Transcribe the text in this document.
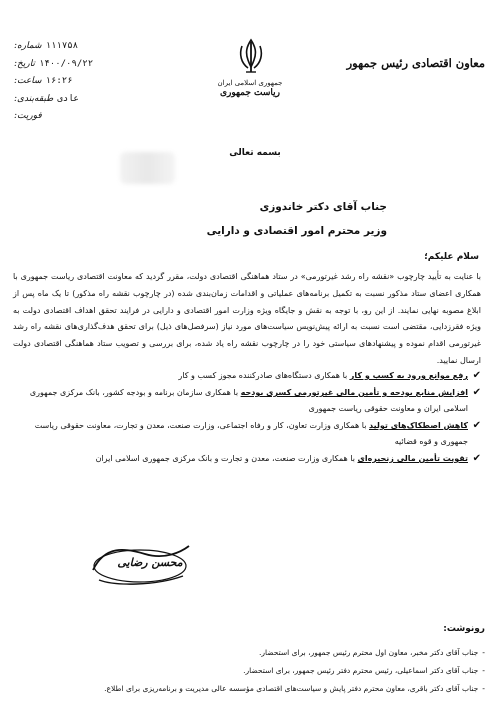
معاون اقتصادی رئیس جمهور
جمهوری اسلامی ایران
ریاست جمهوری
شماره: ۱۱۱۷۵۸
تاریخ: ۱۴۰۰/۰۹/۲۲
ساعت: ۱۶:۲۶
طبقه‌بندی: عادی
فوریت:
بسمه تعالی
جناب آقای دکتر خاندوزی
وزیر محترم امور اقتصادی و دارایی
سلام علیکم؛
با عنایت به تأیید چارچوب «نقشه راه رشد غیرتورمی» در ستاد هماهنگی اقتصادی دولت، مقرر گردید که معاونت اقتصادی ریاست جمهوری با همکاری اعضای ستاد مذکور نسبت به تکمیل برنامه‌های عملیاتی و اقدامات زمان‌بندی شده (در چارچوب نقشه راه مذکور) تا یک ماه پس از ابلاغ مصوبه نهایی نمایند. از این رو، با توجه به نقش و جایگاه ویژه وزارت امور اقتصادی و دارایی در فرایند تحقق اهداف اقتصادی دولت به ویژه فقرزدایی، مقتضی است نسبت به ارائه پیش‌نویس سیاست‌های مورد نیاز (سرفصل‌های ذیل) برای تحقق هدف‌گذاری‌های نقشه راه رشد غیرتورمی اقدام نموده و پیشنهادهای سیاستی خود را در چارچوب نقشه راه یاد شده، برای بررسی و تصویب ستاد هماهنگی اقتصادی دولت ارسال نمایید.
✔
رفع موانع ورود به کسب و کار با همکاری دستگاه‌های صادرکننده مجوز کسب و کار
✔
افزایش منابع بودجه و تأمین مالی غیرتورمی کسری بودجه با همکاری سازمان برنامه و بودجه کشور، بانک مرکزی جمهوری اسلامی ایران و معاونت حقوقی ریاست جمهوری
✔
کاهش اصطکاک‌های تولید با همکاری وزارت تعاون، کار و رفاه اجتماعی، وزارت صنعت، معدن و تجارت، معاونت حقوقی ریاست جمهوری و قوه قضائیه
✔
تقویت تأمین مالی زنجیره‌ای با همکاری وزارت صنعت، معدن و تجارت و بانک مرکزی جمهوری اسلامی ایران
محسن رضایی
رونوشت:
-جناب آقای دکتر مخبر، معاون اول محترم رئیس جمهور، برای استحضار.
-جناب آقای دکتر اسماعیلی، رئیس محترم دفتر رئیس جمهور، برای استحضار.
-جناب آقای دکتر باقری، معاون محترم دفتر پایش و سیاست‌های اقتصادی مؤسسه عالی مدیریت و برنامه‌ریزی برای اطلاع.
